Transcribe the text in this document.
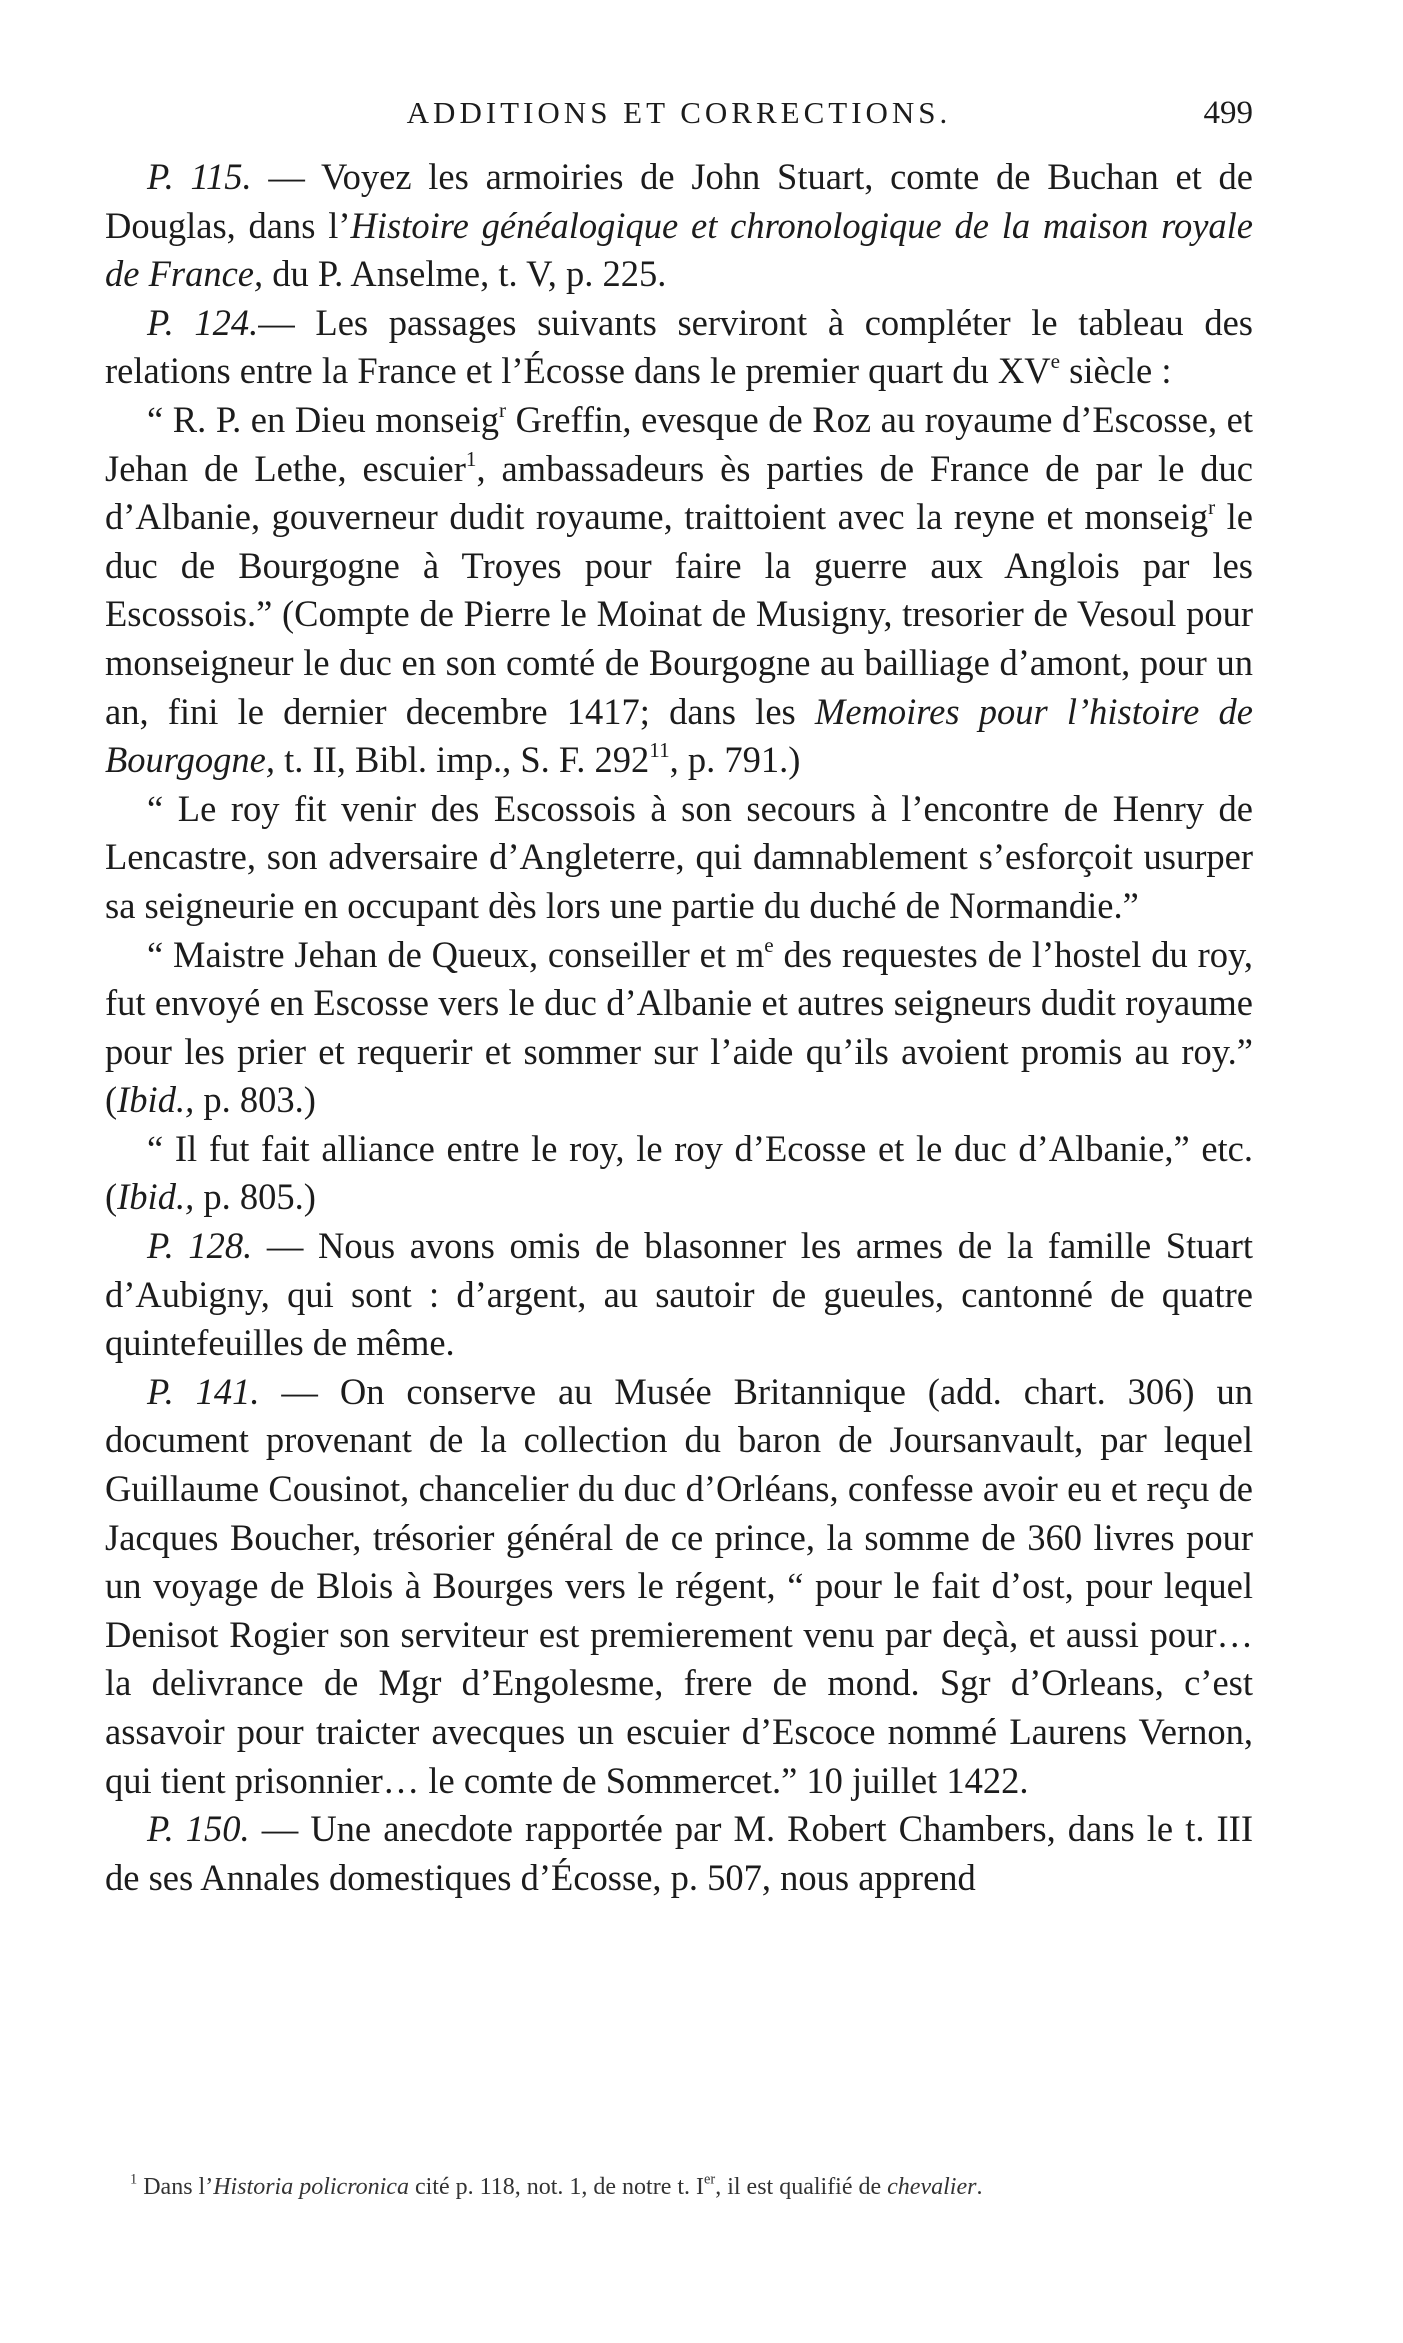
ADDITIONS ET CORRECTIONS.	499

P. 115. — Voyez les armoiries de John Stuart, comte de Buchan et de Douglas, dans l’Histoire généalogique et chronologique de la maison royale de France, du P. Anselme, t. V, p. 225.

P. 124.— Les passages suivants serviront à compléter le tableau des relations entre la France et l’Écosse dans le premier quart du XVe siècle :

“ R. P. en Dieu monseig$^r$ Greffin, evesque de Roz au royaume d’Escosse, et Jehan de Lethe, escuier$^1$, ambassadeurs ès parties de France de par le duc d’Albanie, gouverneur dudit royaume, traittoient avec la reyne et monseig$^r$ le duc de Bourgogne à Troyes pour faire la guerre aux Anglois par les Escossois.” (Compte de Pierre le Moinat de Musigny, tresorier de Vesoul pour monseigneur le duc en son comté de Bourgogne au bailliage d’amont, pour un an, fini le dernier decembre 1417; dans les Memoires pour l’histoire de Bourgogne, t. II, Bibl. imp., S. F. $292^{11}$, p. 791.)

“ Le roy fit venir des Escossois à son secours à l’encontre de Henry de Lencastre, son adversaire d’Angleterre, qui damnablement s’esforçoit usurper sa seigneurie en occupant dès lors une partie du duché de Normandie.”

“ Maistre Jehan de Queux, conseiller et $m^e$ des requestes de l’hostel du roy, fut envoyé en Escosse vers le duc d’Albanie et autres seigneurs dudit royaume pour les prier et requerir et sommer sur l’aide qu’ils avoient promis au roy.” (Ibid., p. 803.)

“ Il fut fait alliance entre le roy, le roy d’Ecosse et le duc d’Albanie,” etc. (Ibid., p. 805.)

P. 128. — Nous avons omis de blasonner les armes de la famille Stuart d’Aubigny, qui sont : d’argent, au sautoir de gueules, cantonné de quatre quintefeuilles de même.

P. 141. — On conserve au Musée Britannique (add. chart. 306) un document provenant de la collection du baron de Joursanvault, par lequel Guillaume Cousinot, chancelier du duc d’Orléans, confesse avoir eu et reçu de Jacques Boucher, trésorier général de ce prince, la somme de 360 livres pour un voyage de Blois à Bourges vers le régent, “ pour le fait d’ost, pour lequel Denisot Rogier son serviteur est premierement venu par deçà, et aussi pour… la delivrance de Mgr d’Engolesme, frere de mond. Sgr d’Orleans, c’est assavoir pour traicter avecques un escuier d’Escoce nommé Laurens Vernon, qui tient prisonnier… le comte de Sommercet.” 10 juillet 1422.

P. 150. — Une anecdote rapportée par M. Robert Chambers, dans le t. III de ses Annales domestiques d’Écosse, p. 507, nous apprend

$^1$ Dans l’Historia policronica cité p. 118, not. 1, de notre t. Ier, il est qualifié de chevalier.
